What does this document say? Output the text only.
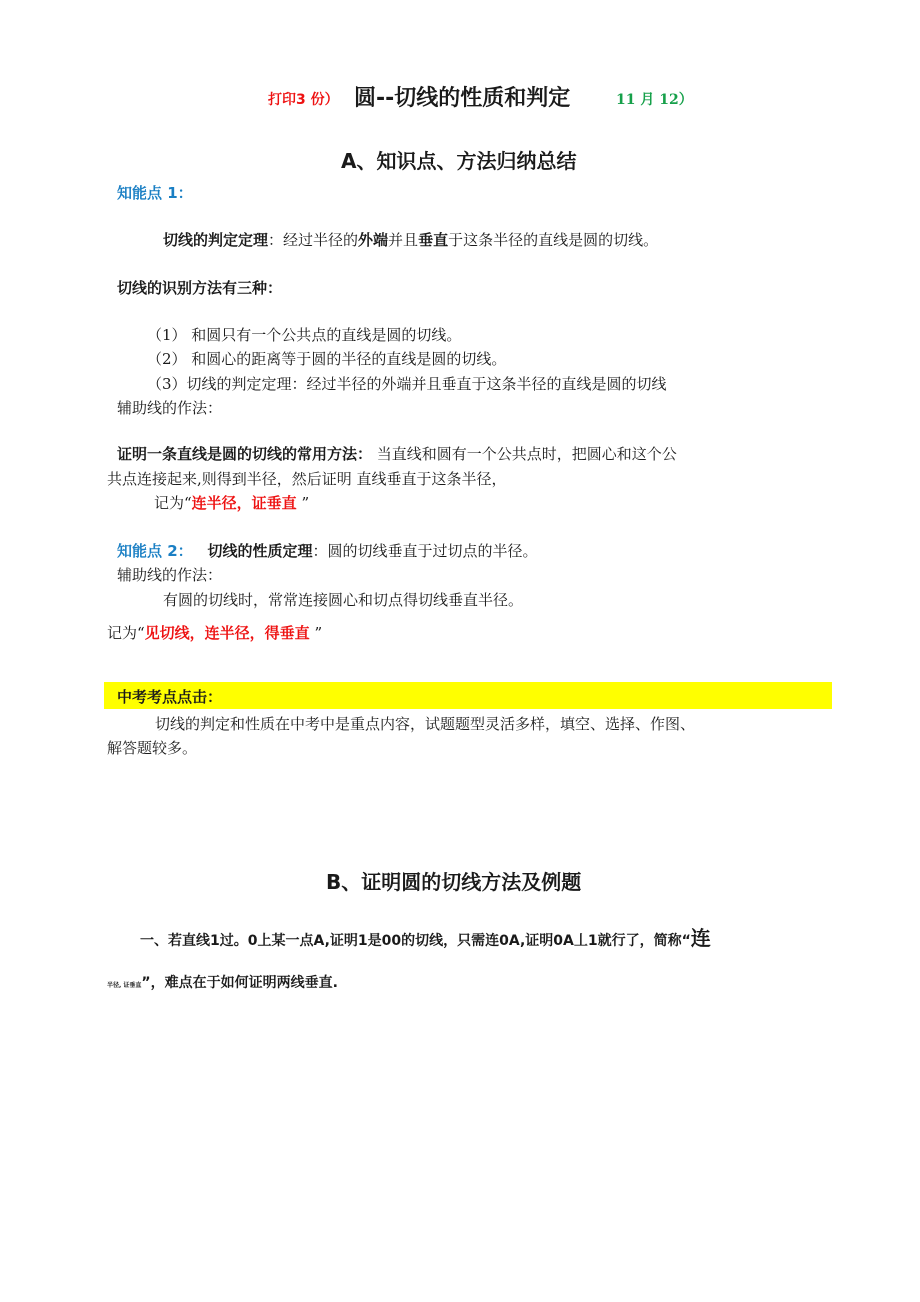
打印3 份） 圆--切线的性质和判定	11 月 12）
A、知识点、方法归纳总结
知能点 1：
切线的判定定理：经过半径的外端并且垂直于这条半径的直线是圆的切线。
切线的识别方法有三种：
（1） 和圆只有一个公共点的直线是圆的切线。
（2） 和圆心的距离等于圆的半径的直线是圆的切线。
（3）切线的判定定理：经过半径的外端并且垂直于这条半径的直线是圆的切线
辅助线的作法：
证明一条直线是圆的切线的常用方法： 当直线和圆有一个公共点时，把圆心和这个公
共点连接起来,则得到半径，然后证明 直线垂直于这条半径，
记为“连半径，证垂直 ”
知能点 2： 切线的性质定理：圆的切线垂直于过切点的半径。
辅助线的作法：
有圆的切线时，常常连接圆心和切点得切线垂直半径。
记为“见切线，连半径，得垂直 ”
中考考点点击：
切线的判定和性质在中考中是重点内容，试题题型灵活多样，填空、选择、作图、
解答题较多。
B、证明圆的切线方法及例题
一、若直线1过。0上某一点A,证明1是00的切线，只需连0A,证明0A丄1就行了，简称“连
半径, 证垂直”，难点在于如何证明两线垂直.
